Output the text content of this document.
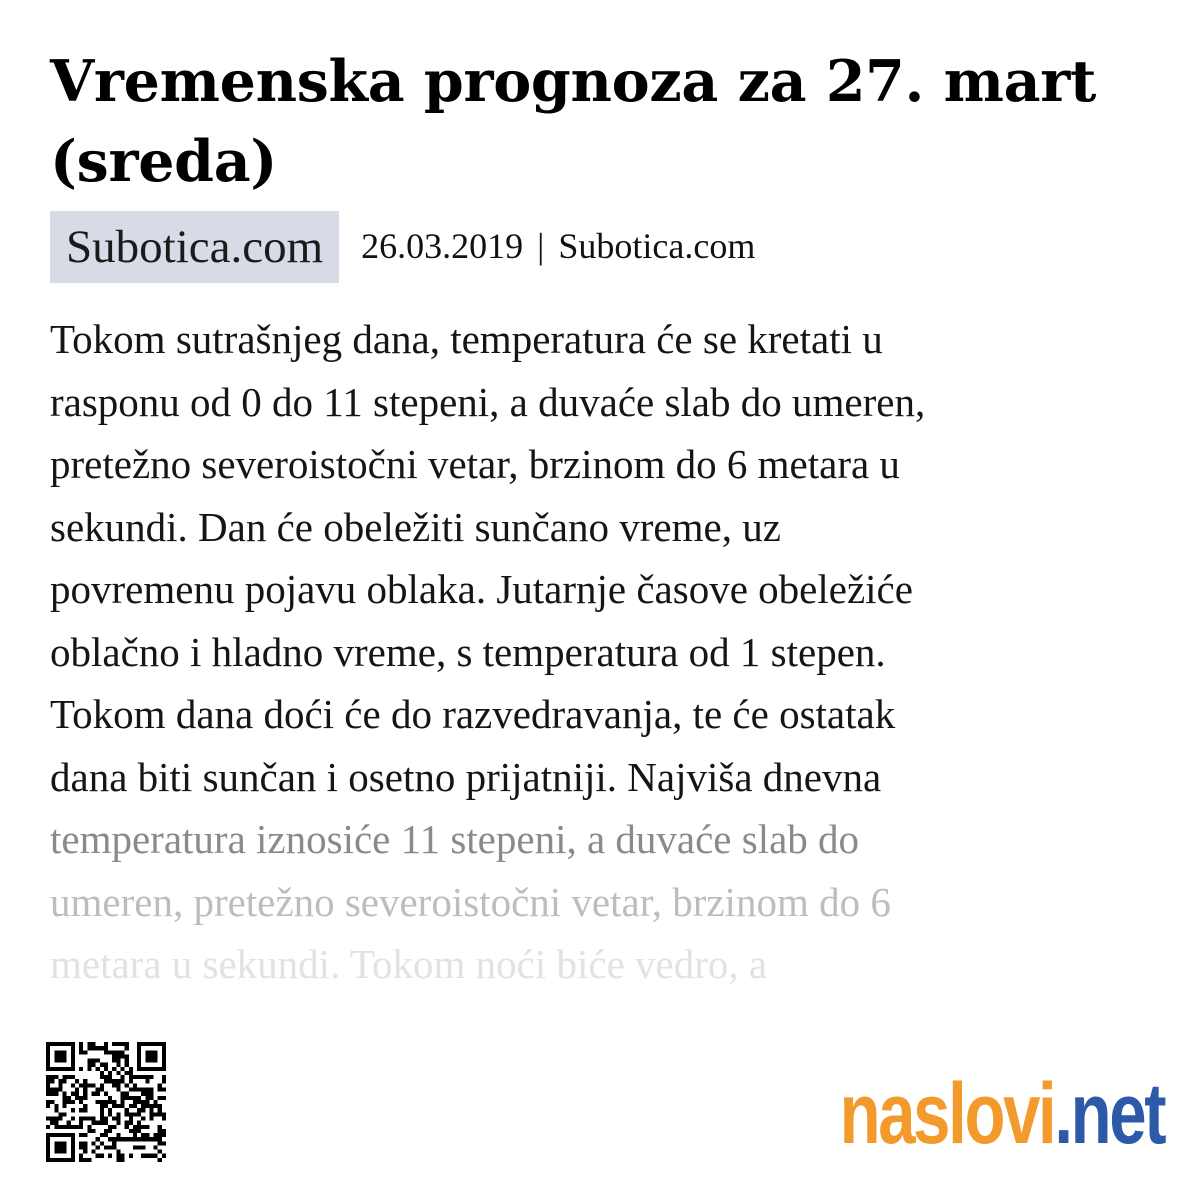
Vremenska prognoza za 27. mart (sreda)
Subotica.com	26.03.2019 | Subotica.com
Tokom sutrašnjeg dana, temperatura će se kretati u
rasponu od 0 do 11 stepeni, a duvaće slab do umeren,
pretežno severoistočni vetar, brzinom do 6 metara u
sekundi. Dan će obeležiti sunčano vreme, uz
povremenu pojavu oblaka. Jutarnje časove obeležiće
oblačno i hladno vreme, s temperatura od 1 stepen.
Tokom dana doći će do razvedravanja, te će ostatak
dana biti sunčan i osetno prijatniji. Najviša dnevna
temperatura iznosiće 11 stepeni, a duvaće slab do
umeren, pretežno severoistočni vetar, brzinom do 6
metara u sekundi. Tokom noći biće vedro, a
naslovi.net
